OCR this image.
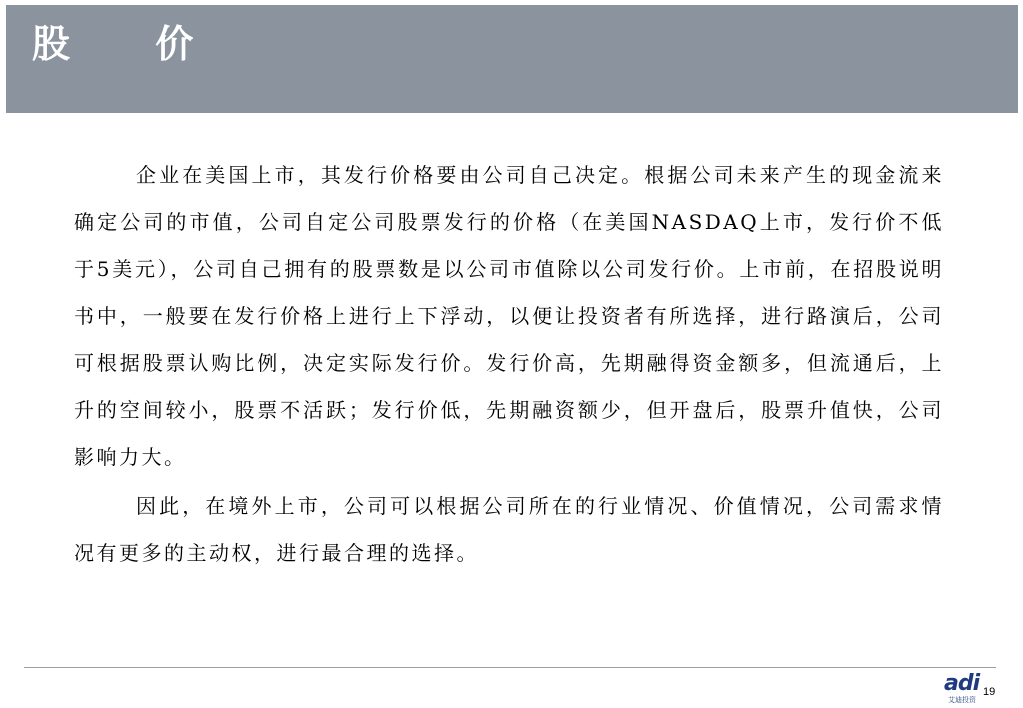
股 价

企业在美国上市，其发行价格要由公司自己决定。根据公司未来产生的现金流来确定公司的市值，公司自定公司股票发行的价格（在美国NASDAQ上市，发行价不低于5美元），公司自己拥有的股票数是以公司市值除以公司发行价。上市前，在招股说明书中，一般要在发行价格上进行上下浮动，以便让投资者有所选择，进行路演后，公司可根据股票认购比例，决定实际发行价。发行价高，先期融得资金额多，但流通后，上升的空间较小，股票不活跃；发行价低，先期融资额少，但开盘后，股票升值快，公司影响力大。

因此，在境外上市，公司可以根据公司所在的行业情况、价值情况，公司需求情况有更多的主动权，进行最合理的选择。

adi
艾迪投资
19
